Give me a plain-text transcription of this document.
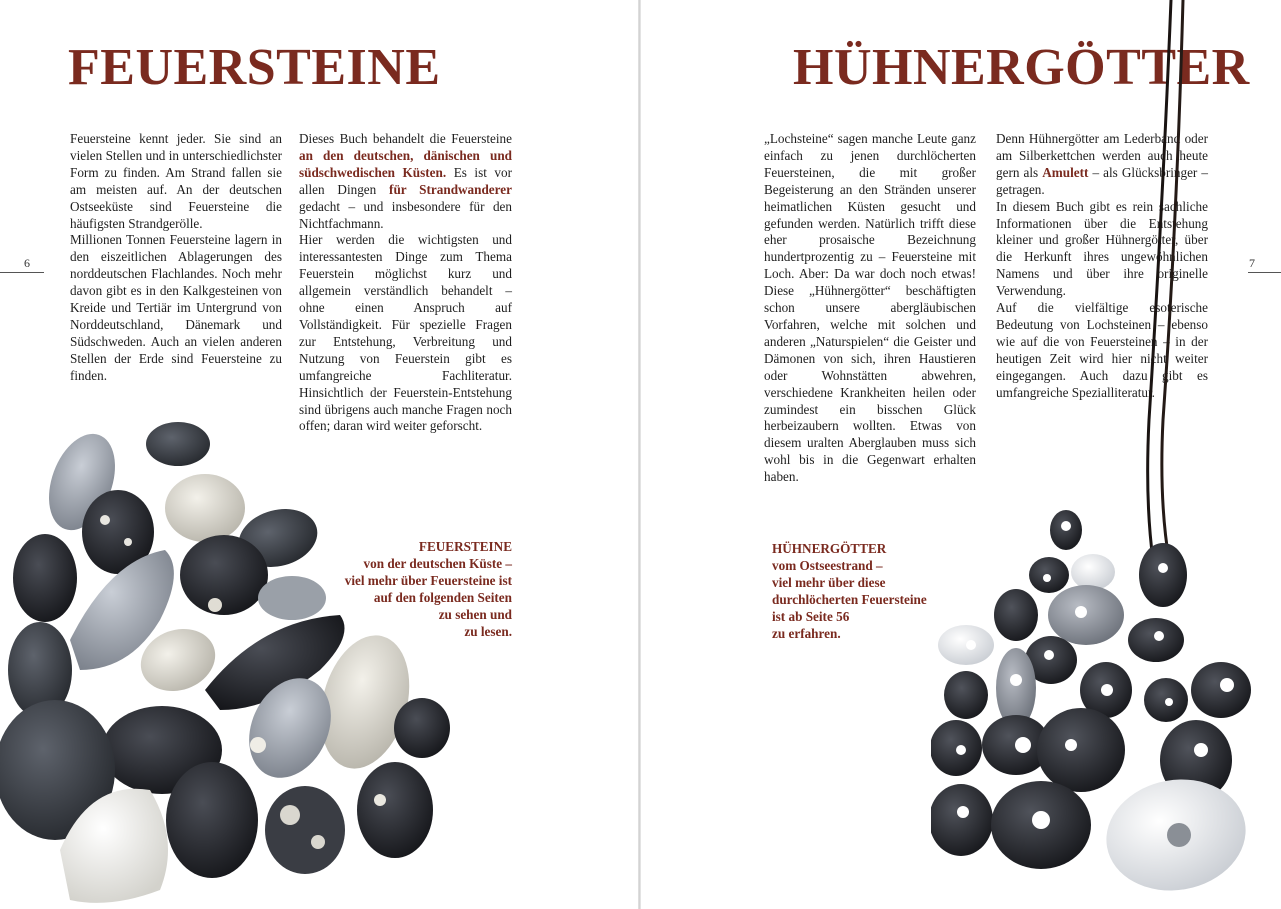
FEUERSTEINE
6

Feuersteine kennt jeder. Sie sind an vielen Stellen und in unterschiedlichster Form zu finden. Am Strand fallen sie am meisten auf. An der deutschen Ostseeküste sind Feuersteine die häufigsten Strandgerölle.

Millionen Tonnen Feuersteine lagern in den eiszeitlichen Ablagerungen des norddeutschen Flachlandes. Noch mehr davon gibt es in den Kalkgesteinen von Kreide und Tertiär im Untergrund von Norddeutschland, Dänemark und Südschweden. Auch an vielen anderen Stellen der Erde sind Feuersteine zu finden.

Dieses Buch behandelt die Feuersteine an den deutschen, dänischen und südschwedischen Küsten. Es ist vor allen Dingen für Strandwanderer gedacht – und insbesondere für den Nichtfachmann.

Hier werden die wichtigsten und interessantesten Dinge zum Thema Feuerstein möglichst kurz und allgemein verständlich behandelt – ohne einen Anspruch auf Vollständigkeit. Für spezielle Fragen zur Entstehung, Verbreitung und Nutzung von Feuerstein gibt es umfangreiche Fachliteratur. Hinsichtlich der Feuerstein-Entstehung sind übrigens auch manche Fragen noch offen; daran wird weiter geforscht.

FEUERSTEINE
von der deutschen Küste –
viel mehr über Feuersteine ist
auf den folgenden Seiten
zu sehen und
zu lesen.
HÜHNERGÖTTER
7

„Lochsteine“ sagen manche Leute ganz einfach zu jenen durchlöcherten Feuersteinen, die mit großer Begeisterung an den Stränden unserer heimatlichen Küsten gesucht und gefunden werden. Natürlich trifft diese eher prosaische Bezeichnung hundertprozentig zu – Feuersteine mit Loch. Aber: Da war doch noch etwas! Diese „Hühnergötter“ beschäftigten schon unsere abergläubischen Vorfahren, welche mit solchen und anderen „Naturspielen“ die Geister und Dämonen von sich, ihren Haustieren oder Wohnstätten abwehren, verschiedene Krankheiten heilen oder zumindest ein bisschen Glück herbeizaubern wollten. Etwas von diesem uralten Aberglauben muss sich wohl bis in die Gegenwart erhalten haben.

Denn Hühnergötter am Lederband oder am Silberkettchen werden auch heute gern als Amulett – als Glücksbringer – getragen.

In diesem Buch gibt es rein sachliche Informationen über die Entstehung kleiner und großer Hühnergötter, über die Herkunft ihres ungewöhnlichen Namens und über ihre originelle Verwendung.

Auf die vielfältige esoterische Bedeutung von Lochsteinen – ebenso wie auf die von Feuersteinen – in der heutigen Zeit wird hier nicht weiter eingegangen. Auch dazu gibt es umfangreiche Spezialliteratur.

HÜHNERGÖTTER
vom Ostseestrand –
viel mehr über diese
durchlöcherten Feuersteine
ist ab Seite 56
zu erfahren.
